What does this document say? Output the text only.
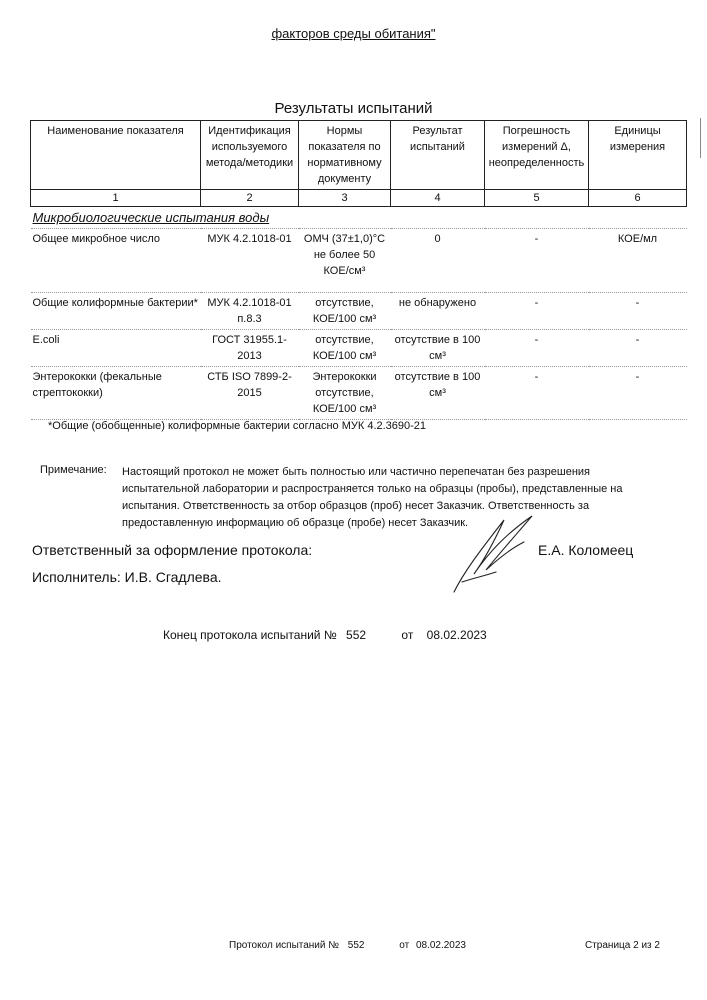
факторов среды обитания"
Результаты испытаний
Наименование показателя	Идентификация используемого метода/методики	Нормы показателя по нормативному документу	Результат испытаний	Погрешность измерений Δ, неопределенность	Единицы измерения
1	2	3	4	5	6
Микробиологические испытания воды					
Общее микробное число	МУК 4.2.1018-01	ОМЧ (37±1,0)°С не более 50 КОЕ/см³	0	-	КОЕ/мл
Общие колиформные бактерии*	МУК 4.2.1018-01 п.8.3	отсутствие, КОЕ/100 см³	не обнаружено	-	-
E.coli	ГОСТ 31955.1-2013	отсутствие, КОЕ/100 см³	отсутствие в 100 см³	-	-
Энтерококки (фекальные стрептококки)	СТБ ISO 7899-2-2015	Энтерококки отсутствие, КОЕ/100 см³	отсутствие в 100 см³	-	-
*Общие (обобщенные) колиформные бактерии согласно МУК 4.2.3690-21
Примечание: Настоящий протокол не может быть полностью или частично перепечатан без разрешения испытательной лаборатории и распространяется только на образцы (пробы), представленные на испытания. Ответственность за отбор образцов (проб) несет Заказчик. Ответственность за предоставленную информацию об образце (пробе) несет Заказчик.
Ответственный за оформление протокола:	Е.А. Коломеец
Исполнитель: И.В. Сгадлева.
Конец протокола испытаний № 552	от 08.02.2023
Протокол испытаний № 552	от 08.02.2023	Страница 2 из 2
